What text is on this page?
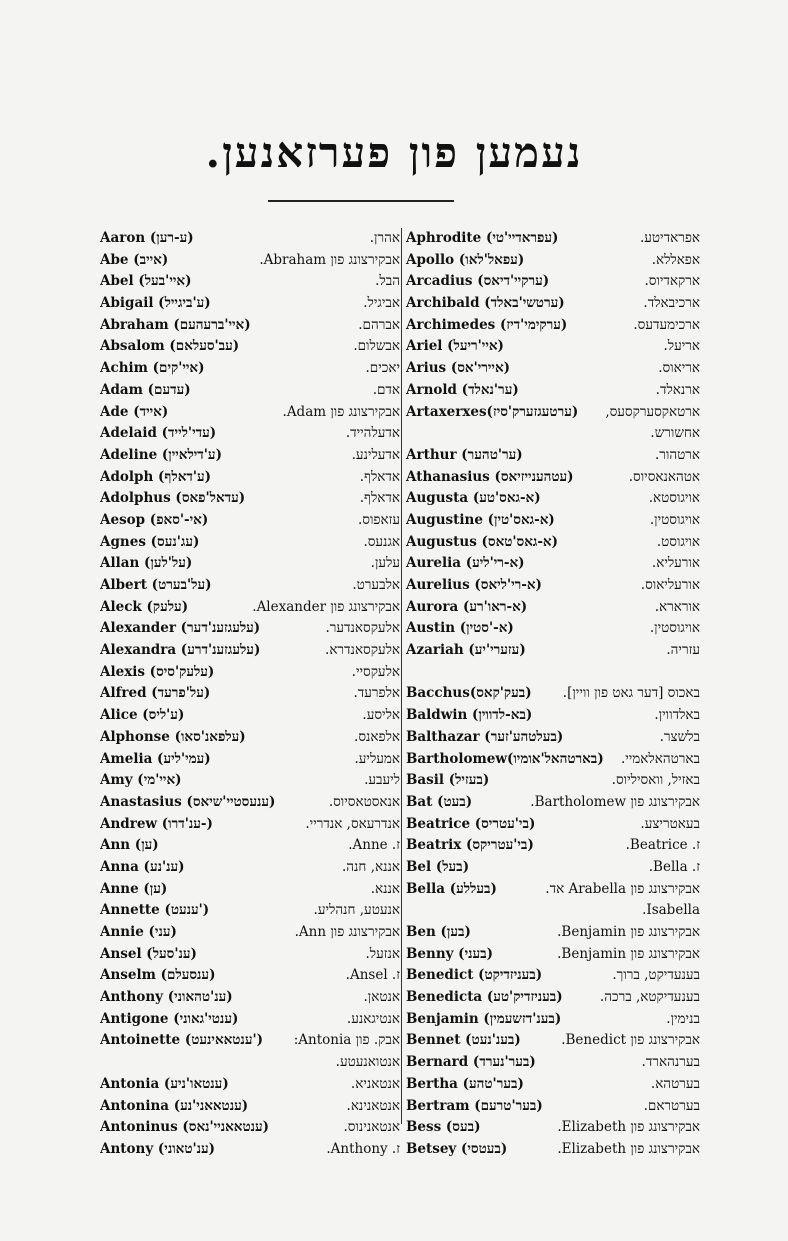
נעמען פון פערזאנען.
Aaron (ע-רען)	אהרן.
Abe (אייב)	אבקירצונג פון Abraham.
Abel (איי'בעל)	הבל.
Abigail (ע'ביגייל)	אביגיל.
Abraham (איי'ברעהעם)	אברהם.
Absalom (עב'סעלאם)	אבשלום.
Achim (איי'קים)	יאכים.
Adam (עדעם)	אדם.
Ade (אייד)	אבקירצונג פון Adam.
Adelaid (עדי'לייד)	אדעלהייד.
Adeline (ע'דילאיין)	אדעלינע.
Adolph (ע'דאלף)	אדאלף.
Adolphus (עדאל'פאס)	אדאלף.
Aesop (אי-'סאפ)	עזאפוס.
Agnes (עג'נעס)	אגנעס.
Allan (על'לען)	עלען.
Albert (על'בערט)	אלבערט.
Aleck (עלעק)	אבקירצונג פון Alexander.
Alexander (עלעגזענ'דער)	אלעקסאנדער.
Alexandra (עלעגזענ'דרע)	אלעקסאנדרא.
Alexis (עלעק'סיס)	אלעקסיי.
Alfred (על'פרעד)	אלפרעד.
Alice (ע'ליס)	אליסע.
Alphonse (עלפאנ'סאו)	אלפאנס.
Amelia (עמי'ליע)	אמעליע.
Amy (איי'מי)	ליעבע.
Anastasius (ענעסטיי'שיאס)	אנאסטאסיוס.
Andrew (ענ'דרו-)	אנדרעאס, אנדריי.
Ann (ען)	ז. Anne.
Anna (ענ'נע)	אננא, חנה.
Anne (ען)	אננא.
Annette (ענעט')	אנעטע, חנהליע.
Annie (עני)	אבקירצונג פון Ann.
Ansel (ענ'סעל)	אנזעל.
Anselm (ענסעלם)	ז. Ansel.
Anthony (ענ'טהאוני)	אנטאן.
Antigone (ענטי'גאוני)	אנטיגאנע.
Antoinette (ענטאאינעט') אבק. פון Antonia:
אנטואנעטע.
Antonia (ענטאו'ניע)	אנטאניא.
Antonina (ענטאאני'נע)	אנטאנינא.
Antoninus (ענטאאניי'נאס)	אנטאנינוס.
Antony (ענ'טאוני)	ז. Anthony.
Aphrodite (עפראדיי'טי)	אפראדיטע.
Apollo (עפאל'לאו)	אפאללא.
Arcadius (ערקיי'דיאס)	ארקאדיוס.
Archibald (ערטשי'באלד)	ארכיבאלד.
Archimedes (ערקימי'דיז)	ארכימעדעס.
Ariel (איי'ריעל)	אריעל.
Arius (איירי'אס)	אריאוס.
Arnold (ער'נאלד)	ארנאלד.
Artaxerxes(ערטעגזערק'סיז) ארטאקסערקסעס,
אחשורש.
Arthur (ער'טהער)	ארטהור.
Athanasius (עטהענייזיאס)	אטהאנאסיוס.
Augusta (א-גאס'טע)	אויגוסטא.
Augustine (א-גאס'טין)	אויגוסטין.
Augustus (א-גאס'טאס)	אויגוסט.
Aurelia (א-רי'ליע)	אורעליא.
Aurelius (א-רי'ליאס)	אורעליאוס.
Aurora (א-ראו'רע)	אורארא.
Austin (א-'סטין)	אויגוסטין.
Azariah (עזערי'יע)	עזריה.
Bacchus(בעק'קאס) באכוס [דער גאט פון וויין].
Baldwin (בא-לדווין)	באלדווין.
Balthazar (בעלטהע'זער)	בלשצר.
Bartholomew(בארטהאל'אומיו) בארטהאלאמיי.
Basil (בעזיל)	באזיל, וואסיליוס.
Bat (בעט)	אבקירצונג פון Bartholomew.
Beatrice (בי'עטריס)	בעאטריצע.
Beatrix (בי'עטריקס)	ז. Beatrice.
Bel (בעל)	ז. Bella.
Bella (בעללע)	אבקירצונג פון Arabella אד.
Isabella.
Ben (בען)	אבקירצונג פון Benjamin.
Benny (בעני)	אבקירצונג פון Benjamin.
Benedict (בעניזדיקט)	בענעדיקט, ברוך.
Benedicta (בעניזדיק'טע)	בענעדיקטא, ברכה.
Benjamin (בענ'דזשעמין)	בנימין.
Bennet (בענ'נעט)	אבקירצונג פון Benedict.
Bernard (בער'נערד)	בערנהארד.
Bertha (בער'טהע)	בערטהא.
Bertram (בער'טרעם)	בערטראם.
Bess (בעס)	אבקירצונג פון Elizabeth.
Betsey (בעטסי)	אבקירצונג פון Elizabeth.
